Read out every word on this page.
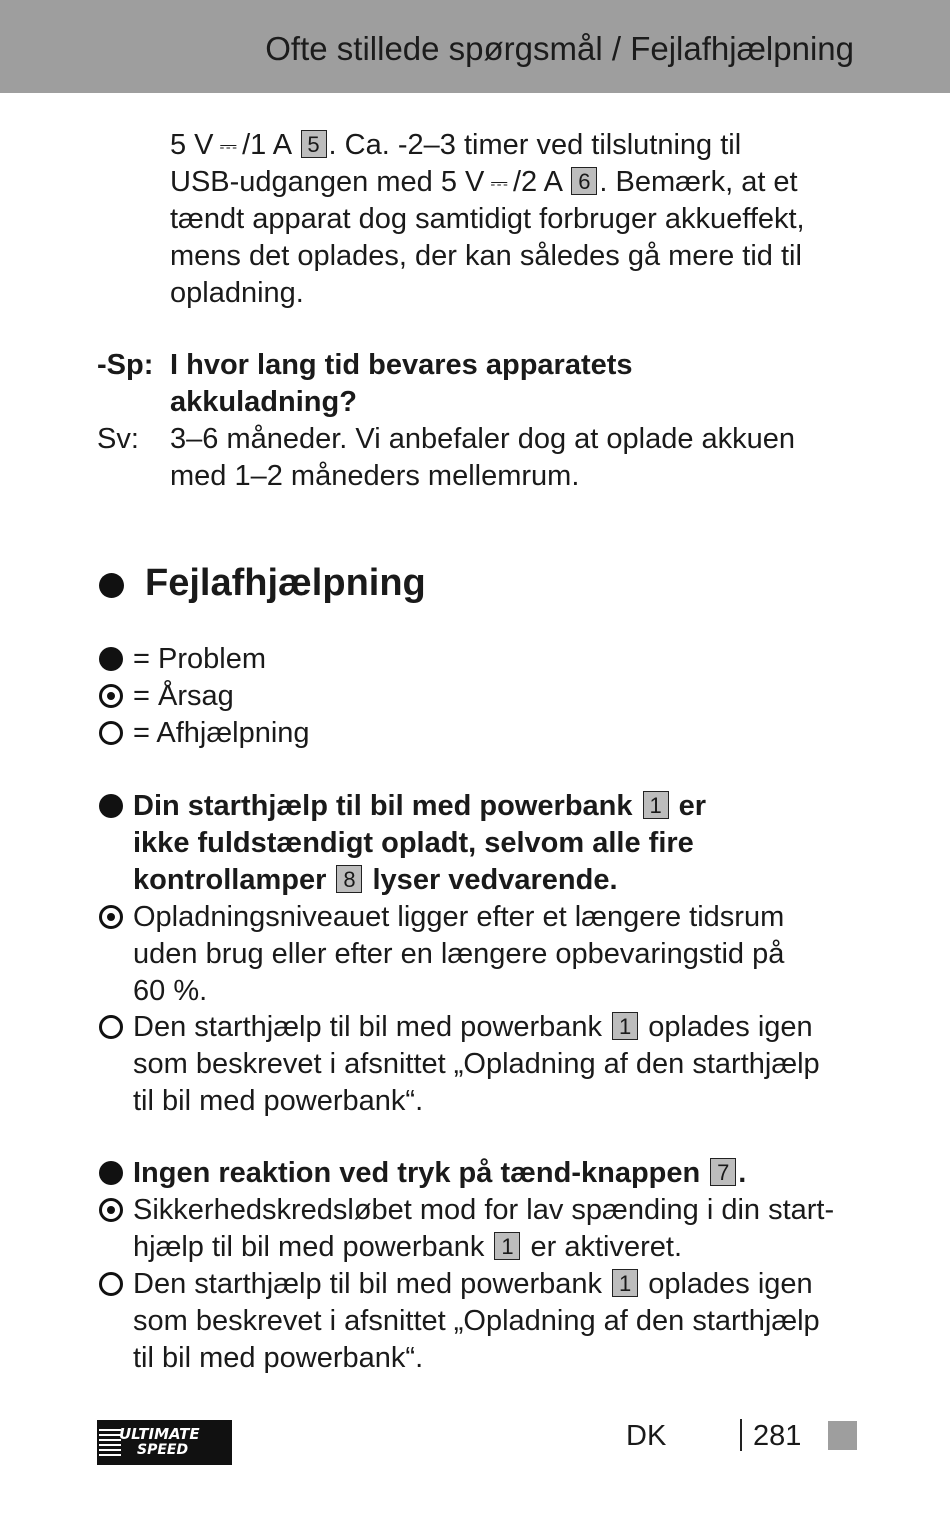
Ofte stillede spørgsmål / Fejlafhjælpning
5 V ⎓ /1 A 5 . Ca. -2–3 timer ved tilslutning til
USB-udgangen med 5 V ⎓ /2 A 6 . Bemærk, at et
tændt apparat dog samtidigt forbruger akkueffekt,
mens det oplades, der kan således gå mere tid til
opladning.
-Sp: I hvor lang tid bevares apparatets
akkuladning?
Sv: 3–6 måneder. Vi anbefaler dog at oplade akkuen
med 1–2 måneders mellemrum.
Fejlafhjælpning
= Problem
= Årsag
= Afhjælpning
Din starthjælp til bil med powerbank 1 er
ikke fuldstændigt opladt, selvom alle fire
kontrollamper 8 lyser vedvarende.
Opladningsniveauet ligger efter et længere tidsrum
uden brug eller efter en længere opbevaringstid på
60 %.
Den starthjælp til bil med powerbank 1 oplades igen
som beskrevet i afsnittet „Opladning af den starthjælp
til bil med powerbank“.
Ingen reaktion ved tryk på tænd-knappen 7 .
Sikkerhedskredsløbet mod for lav spænding i din start-
hjælp til bil med powerbank 1 er aktiveret.
Den starthjælp til bil med powerbank 1 oplades igen
som beskrevet i afsnittet „Opladning af den starthjælp
til bil med powerbank“.
ULTIMATE
SPEED	DK	281
